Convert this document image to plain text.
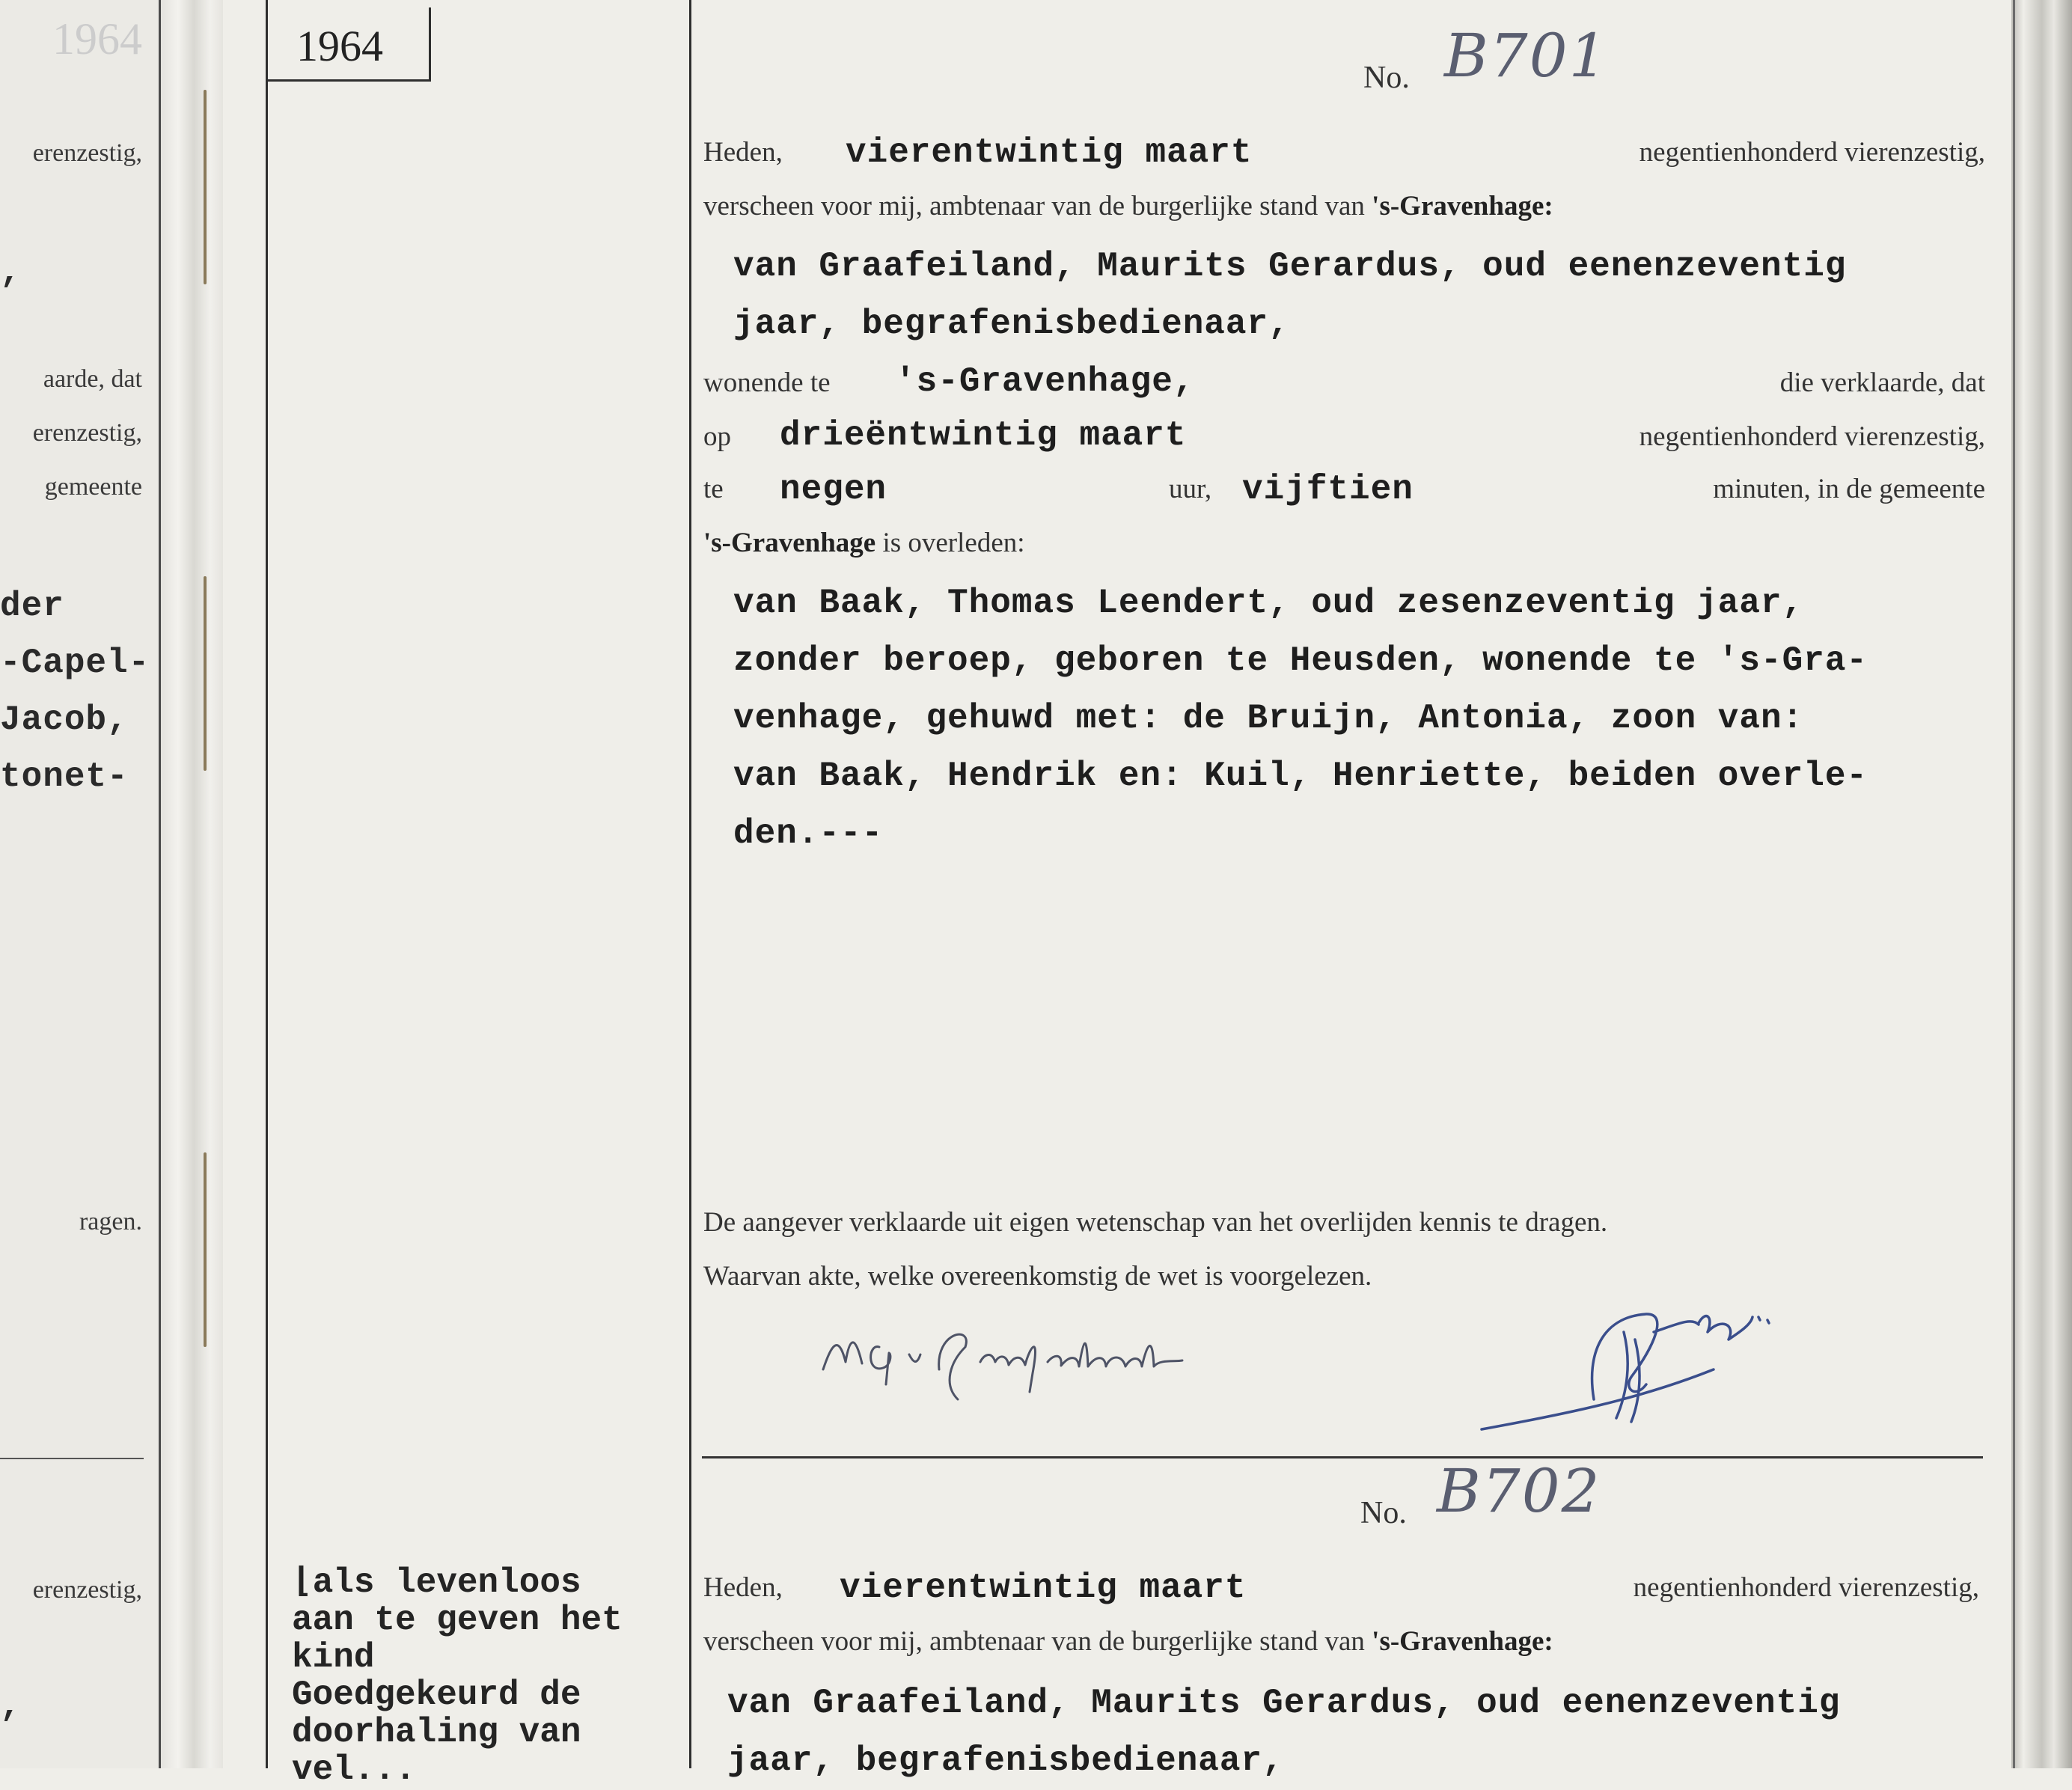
1964
erenzestig,
,
aarde, dat
erenzestig,
gemeente
der
-Capel-
Jacob,
tonet-
ragen.
erenzestig,
,
1964
No. B701
Heden, vierentwintig maart	negentienhonderd vierenzestig,
verscheen voor mij, ambtenaar van de burgerlijke stand van 's-Gravenhage:
van Graafeiland, Maurits Gerardus, oud eenenzeventig
jaar, begrafenisbedienaar,
wonende te 's-Gravenhage,	die verklaarde, dat
op drieëntwintig maart	negentienhonderd vierenzestig,
te negen	uur, vijftien	minuten, in de gemeente
's-Gravenhage is overleden:
van Baak, Thomas Leendert, oud zesenzeventig jaar,
zonder beroep, geboren te Heusden, wonende te 's-Gra-
venhage, gehuwd met: de Bruijn, Antonia, zoon van:
van Baak, Hendrik en: Kuil, Henriette, beiden overle-
den.---
De aangever verklaarde uit eigen wetenschap van het overlijden kennis te dragen.
Waarvan akte, welke overeenkomstig de wet is voorgelezen.
No. B702
⌊als levenloos
aan te geven het
kind
Goedgekeurd de
doorhaling van
vel...
Heden, vierentwintig maart	negentienhonderd vierenzestig,
verscheen voor mij, ambtenaar van de burgerlijke stand van 's-Gravenhage:
van Graafeiland, Maurits Gerardus, oud eenenzeventig
jaar, begrafenisbedienaar,
